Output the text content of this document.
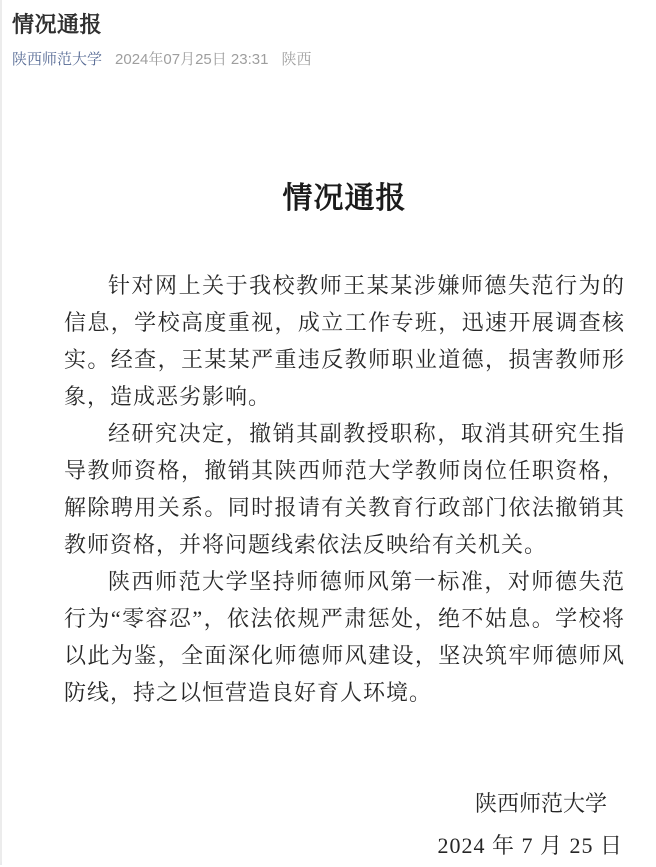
情况通报
陕西师范大学 2024年07月25日 23:31 陕西
情况通报

针对网上关于我校教师王某某涉嫌师德失范行为的信息，学校高度重视，成立工作专班，迅速开展调查核实。经查，王某某严重违反教师职业道德，损害教师形象，造成恶劣影响。

经研究决定，撤销其副教授职称，取消其研究生指导教师资格，撤销其陕西师范大学教师岗位任职资格，解除聘用关系。同时报请有关教育行政部门依法撤销其教师资格，并将问题线索依法反映给有关机关。

陕西师范大学坚持师德师风第一标准，对师德失范行为“零容忍”，依法依规严肃惩处，绝不姑息。学校将以此为鉴，全面深化师德师风建设，坚决筑牢师德师风防线，持之以恒营造良好育人环境。

陕西师范大学
2024 年 7 月 25 日
